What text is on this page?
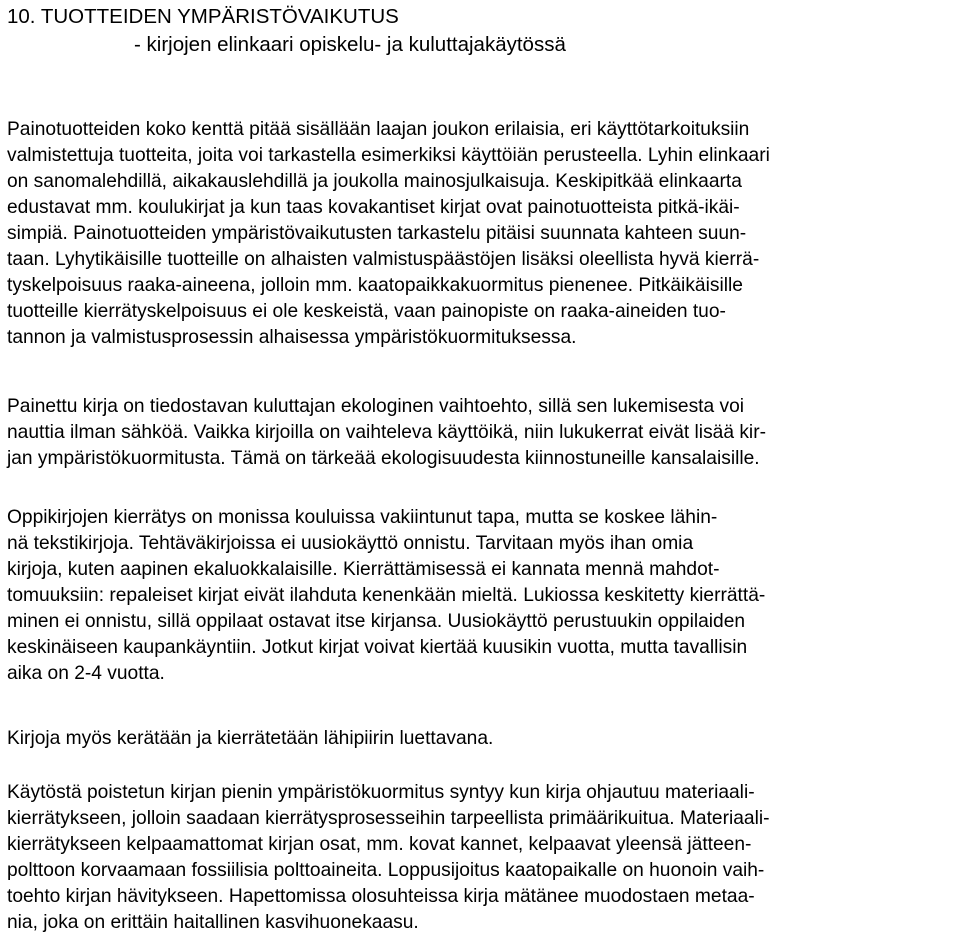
10. TUOTTEIDEN YMPÄRISTÖVAIKUTUS
- kirjojen elinkaari opiskelu- ja kuluttajakäytössä
Painotuotteiden koko kenttä pitää sisällään laajan joukon erilaisia, eri käyttötarkoituksiin
valmistettuja tuotteita, joita voi tarkastella esimerkiksi käyttöiän perusteella. Lyhin elinkaari
on sanomalehdillä, aikakauslehdillä ja joukolla mainosjulkaisuja. Keskipitkää elinkaarta
edustavat mm. koulukirjat ja kun taas kovakantiset kirjat ovat painotuotteista pitkä-ikäi-
simpiä. Painotuotteiden ympäristövaikutusten tarkastelu pitäisi suunnata kahteen suun-
taan. Lyhytikäisille tuotteille on alhaisten valmistuspäästöjen lisäksi oleellista hyvä kierrä-
tyskelpoisuus raaka-aineena, jolloin mm. kaatopaikkakuormitus pienenee. Pitkäikäisille
tuotteille kierrätyskelpoisuus ei ole keskeistä, vaan painopiste on raaka-aineiden tuo-
tannon ja valmistusprosessin alhaisessa ympäristökuormituksessa.
Painettu kirja on tiedostavan kuluttajan ekologinen vaihtoehto, sillä sen lukemisesta voi
nauttia ilman sähköä. Vaikka kirjoilla on vaihteleva käyttöikä, niin lukukerrat eivät lisää kir-
jan ympäristökuormitusta. Tämä on tärkeää ekologisuudesta kiinnostuneille kansalaisille.
Oppikirjojen kierrätys on monissa kouluissa vakiintunut tapa, mutta se koskee lähin-
nä tekstikirjoja. Tehtäväkirjoissa ei uusiokäyttö onnistu. Tarvitaan myös ihan omia
kirjoja, kuten aapinen ekaluokkalaisille. Kierrättämisessä ei kannata mennä mahdot-
tomuuksiin: repaleiset kirjat eivät ilahduta kenenkään mieltä. Lukiossa keskitetty kierrättä-
minen ei onnistu, sillä oppilaat ostavat itse kirjansa. Uusiokäyttö perustuukin oppilaiden
keskinäiseen kaupankäyntiin. Jotkut kirjat voivat kiertää kuusikin vuotta, mutta tavallisin
aika on 2-4 vuotta.
Kirjoja myös kerätään ja kierrätetään lähipiirin luettavana.
Käytöstä poistetun kirjan pienin ympäristökuormitus syntyy kun kirja ohjautuu materiaali-
kierrätykseen, jolloin saadaan kierrätysprosesseihin tarpeellista primäärikuitua. Materiaali-
kierrätykseen kelpaamattomat kirjan osat, mm. kovat kannet, kelpaavat yleensä jätteen-
polttoon korvaamaan fossiilisia polttoaineita. Loppusijoitus kaatopaikalle on huonoin vaih-
toehto kirjan hävitykseen. Hapettomissa olosuhteissa kirja mätänee muodostaen metaa-
nia, joka on erittäin haitallinen kasvihuonekaasu.
